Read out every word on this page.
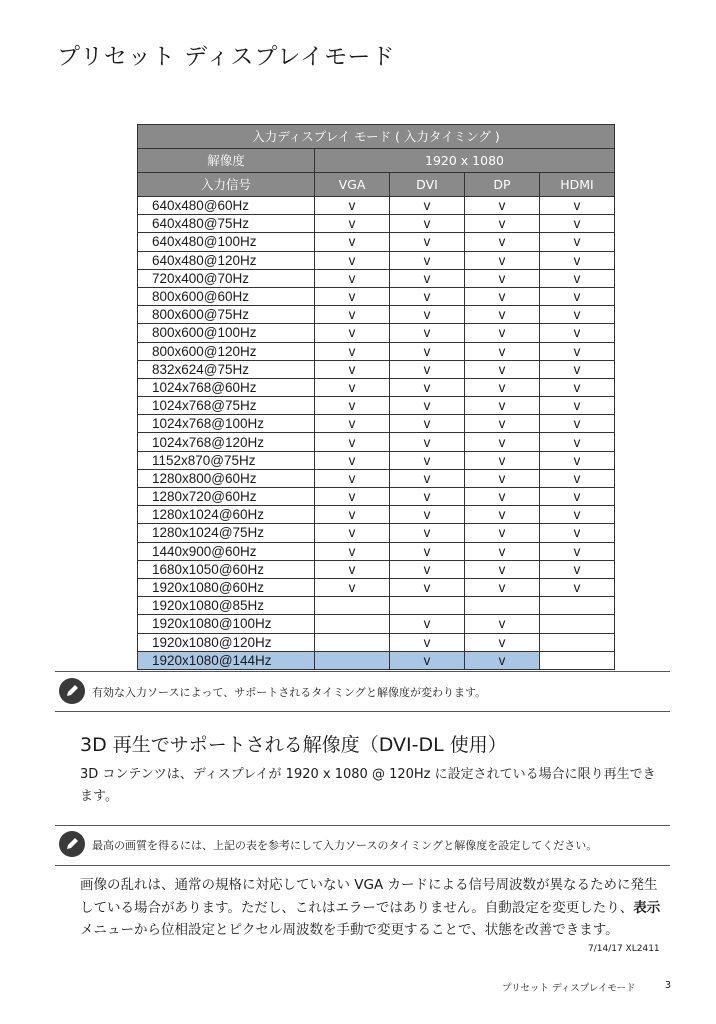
プリセット ディスプレイモード
入力ディスプレイ モード ( 入力タイミング )				
解像度	1920 x 1080			
入力信号	VGA	DVI	DP	HDMI
640x480@60Hz	v	v	v	v
640x480@75Hz	v	v	v	v
640x480@100Hz	v	v	v	v
640x480@120Hz	v	v	v	v
720x400@70Hz	v	v	v	v
800x600@60Hz	v	v	v	v
800x600@75Hz	v	v	v	v
800x600@100Hz	v	v	v	v
800x600@120Hz	v	v	v	v
832x624@75Hz	v	v	v	v
1024x768@60Hz	v	v	v	v
1024x768@75Hz	v	v	v	v
1024x768@100Hz	v	v	v	v
1024x768@120Hz	v	v	v	v
1152x870@75Hz	v	v	v	v
1280x800@60Hz	v	v	v	v
1280x720@60Hz	v	v	v	v
1280x1024@60Hz	v	v	v	v
1280x1024@75Hz	v	v	v	v
1440x900@60Hz	v	v	v	v
1680x1050@60Hz	v	v	v	v
1920x1080@60Hz	v	v	v	v
1920x1080@85Hz				
1920x1080@100Hz		v	v	
1920x1080@120Hz		v	v	
1920x1080@144Hz		v	v	
有効な入力ソースによって、サポートされるタイミングと解像度が変わります。
3D 再生でサポートされる解像度（DVI-DL 使用）
3D コンテンツは、ディスプレイが 1920 x 1080 @ 120Hz に設定されている場合に限り再生できます。
最高の画質を得るには、上記の表を参考にして入力ソースのタイミングと解像度を設定してください。
画像の乱れは、通常の規格に対応していない VGA カードによる信号周波数が異なるために発生している場合があります。ただし、これはエラーではありません。自動設定を変更したり、表示メニューから位相設定とピクセル周波数を手動で変更することで、状態を改善できます。
7/14/17 XL2411
プリセット ディスプレイモード	3
